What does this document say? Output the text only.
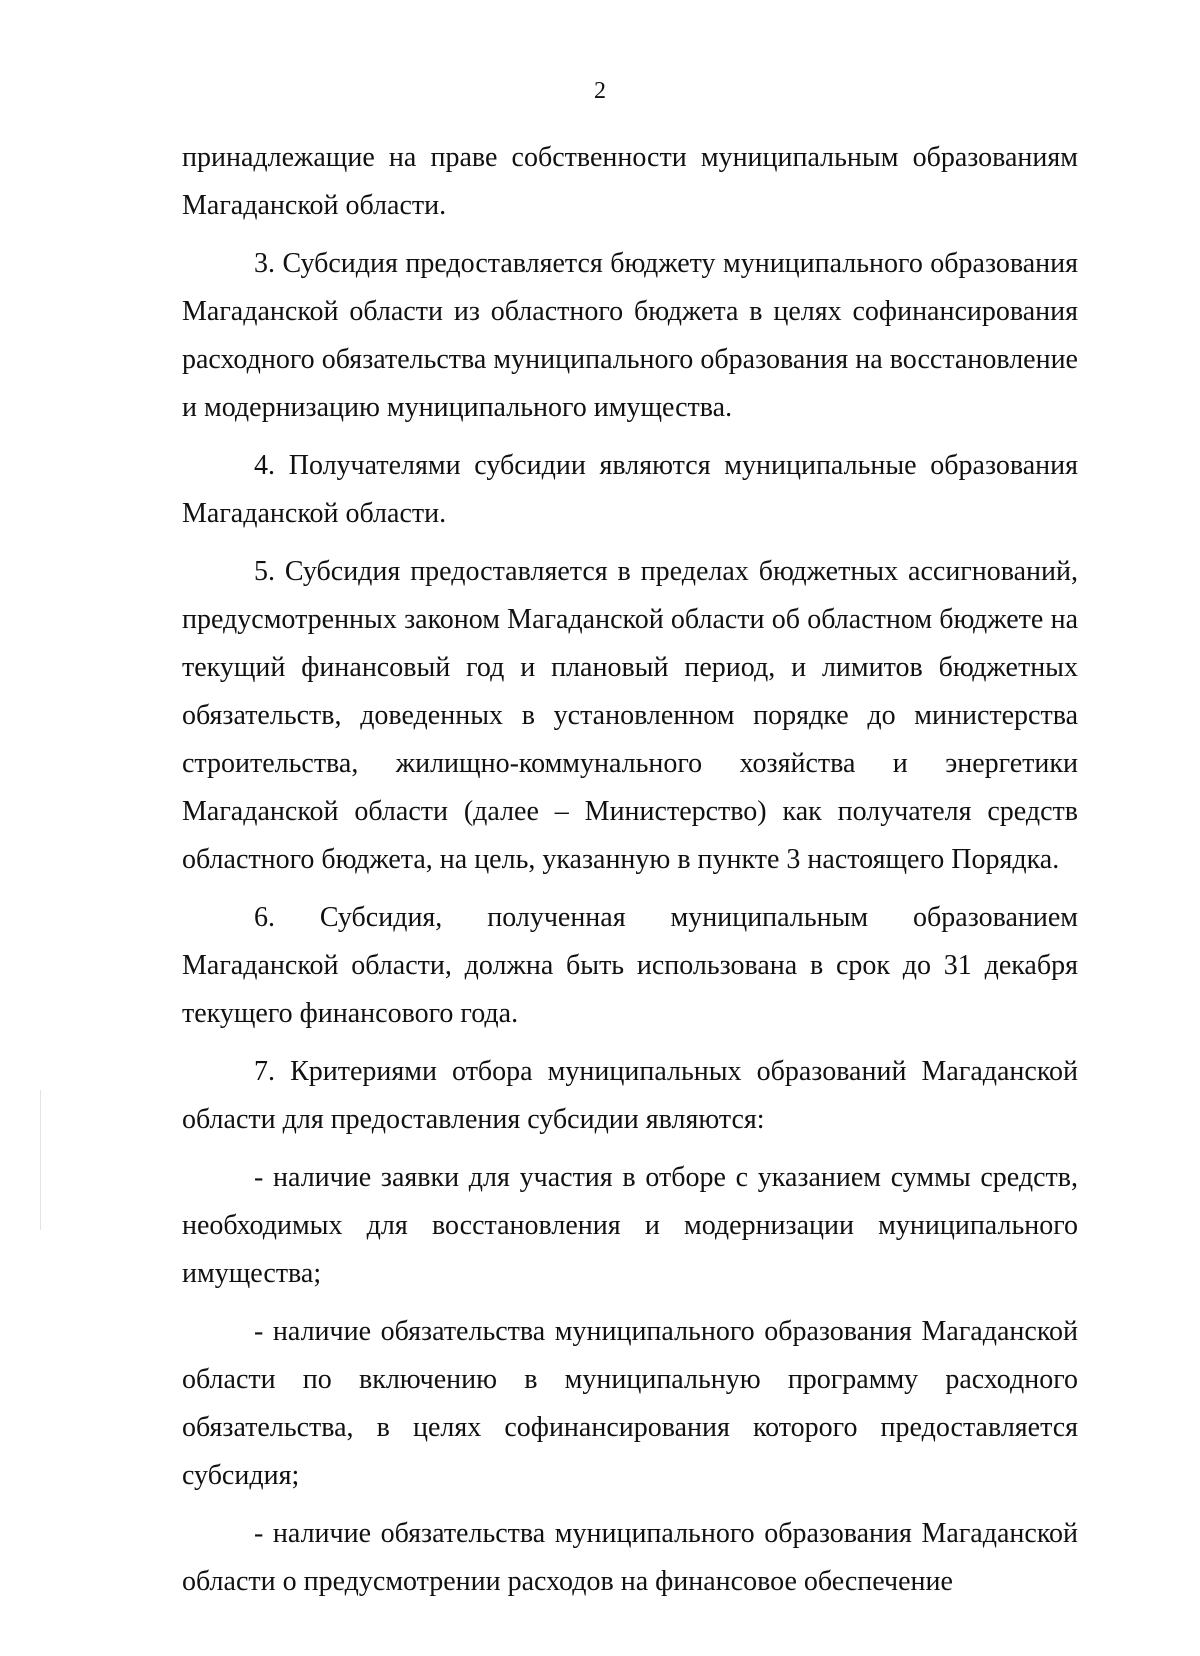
2

принадлежащие на праве собственности муниципальным образованиям Магаданской области.

3. Субсидия предоставляется бюджету муниципального образования Магаданской области из областного бюджета в целях софинансирования расходного обязательства муниципального образования на восстановление и модернизацию муниципального имущества.

4. Получателями субсидии являются муниципальные образования Магаданской области.

5. Субсидия предоставляется в пределах бюджетных ассигнований, предусмотренных законом Магаданской области об областном бюджете на текущий финансовый год и плановый период, и лимитов бюджетных обязательств, доведенных в установленном порядке до министерства строительства, жилищно-коммунального хозяйства и энергетики Магаданской области (далее – Министерство) как получателя средств областного бюджета, на цель, указанную в пункте 3 настоящего Порядка.

6. Субсидия, полученная муниципальным образованием Магаданской области, должна быть использована в срок до 31 декабря текущего финансового года.

7. Критериями отбора муниципальных образований Магаданской области для предоставления субсидии являются:

- наличие заявки для участия в отборе с указанием суммы средств, необходимых для восстановления и модернизации муниципального имущества;

- наличие обязательства муниципального образования Магаданской области по включению в муниципальную программу расходного обязательства, в целях софинансирования которого предоставляется субсидия;

- наличие обязательства муниципального образования Магаданской области о предусмотрении расходов на финансовое обеспечение
